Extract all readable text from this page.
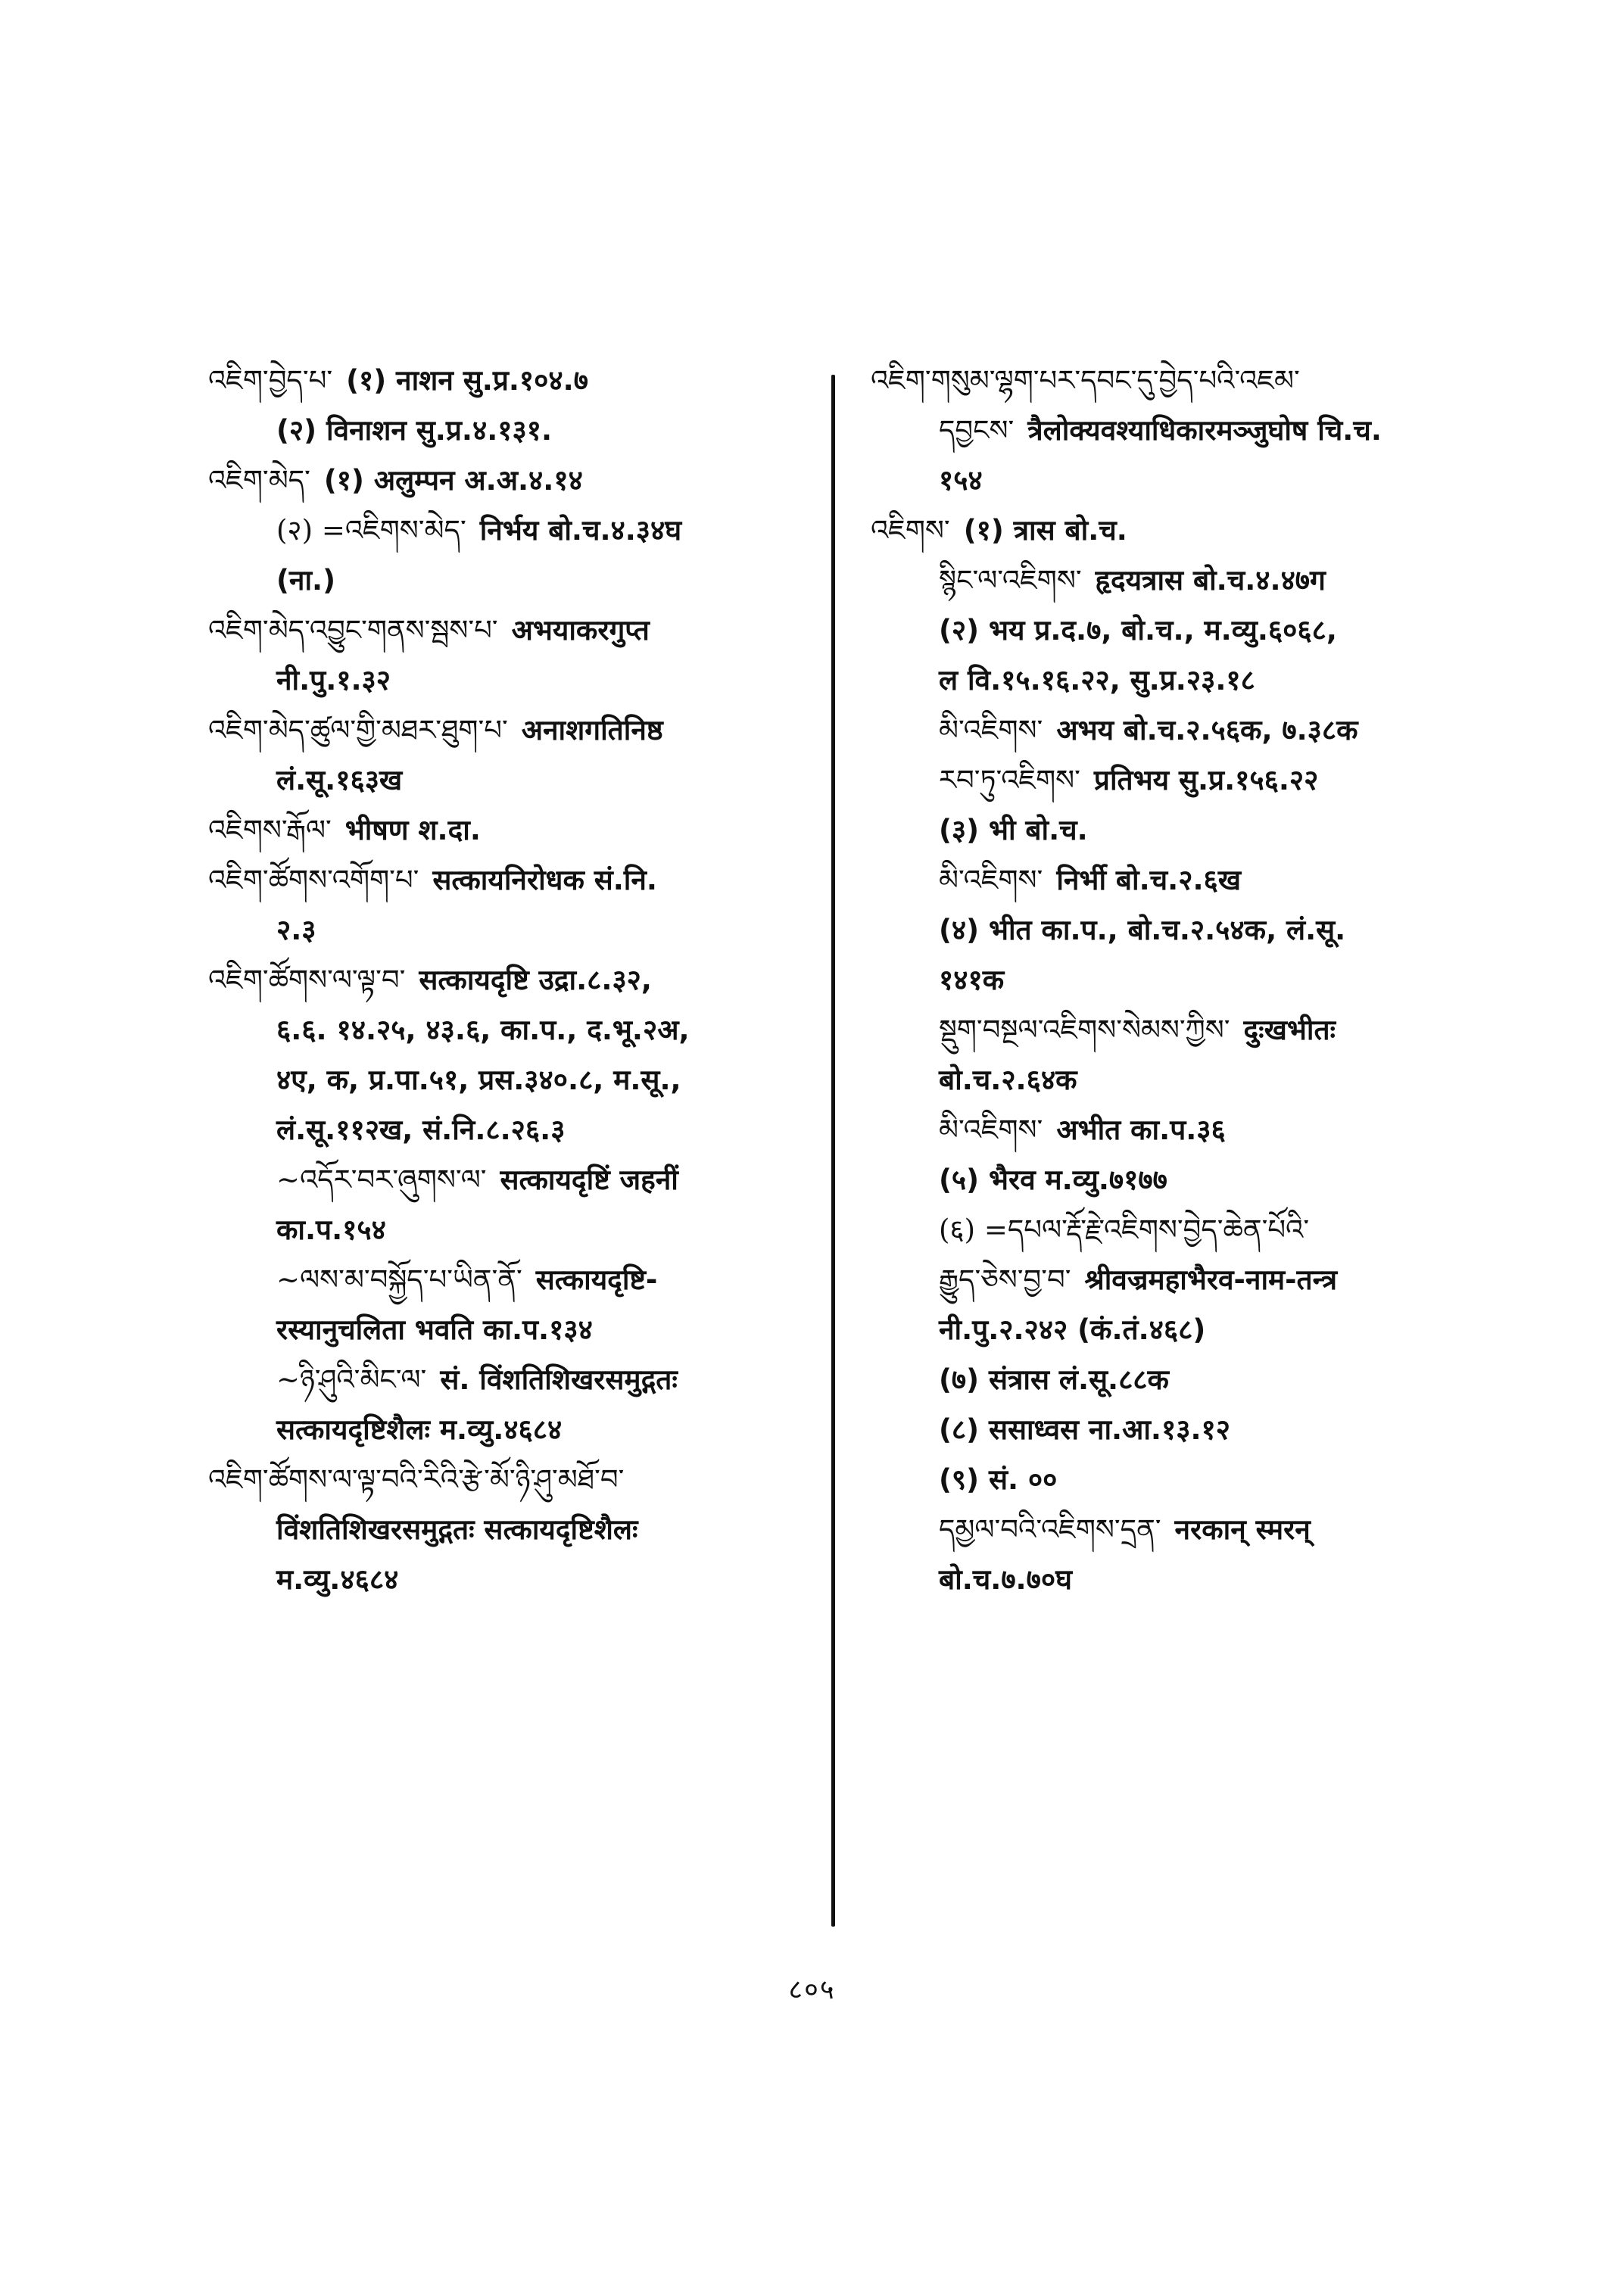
འཇིག་བྱེད་པ་ (१) नाशन सु.प्र.१०४.७
(२) विनाशन सु.प्र.४.१३१.
འཇིག་མེད་ (१) अलुम्पन अ.अ.४.१४
(२) =འཇིགས་མེད་ निर्भय बो.च.४.३४घ
(ना.)
འཇིག་མེད་འབྱུང་གནས་སྦས་པ་ अभयाकरगुप्त
नी.पु.१.३२
འཇིག་མེད་ཚུལ་གྱི་མཐར་ཐུག་པ་ अनाशगतिनिष्ठ
लं.सू.१६३ख
འཇིགས་རྒོལ་ भीषण श.दा.
འཇིག་ཚོགས་འགོག་པ་ सत्कायनिरोधक सं.नि.
२.३
འཇིག་ཚོགས་ལ་ལྟ་བ་ सत्कायदृष्टि उद्रा.८.३२,
६.६. १४.२५, ४३.६, का.प., द.भू.२अ,
४ए, क, प्र.पा.५१, प्रस.३४०.८, म.सू.,
लं.सू.११२ख, सं.नि.८.२६.३
~འདོར་བར་ཞུགས་ལ་ सत्कायदृष्टिं जहनीं
का.प.१५४
~ལས་མ་བསྐྱོད་པ་ཡིན་ནོ་ सत्कायदृष्टि-
रस्यानुचलिता भवति का.प.१३४
~ཉི་ཤུའི་མིང་ལ་ सं. विंशतिशिखरसमुद्गतः
सत्कायदृष्टिशैलः म.व्यु.४६८४
འཇིག་ཚོགས་ལ་ལྟ་བའི་རིའི་རྩེ་མོ་ཉི་ཤུ་མཐོ་བ་
विंशतिशिखरसमुद्गतः सत्कायदृष्टिशैलः
म.व्यु.४६८४
འཇིག་གསུམ་ལྷག་པར་དབང་དུ་བྱེད་པའི་འཇམ་
དབྱངས་ त्रैलोक्यवश्याधिकारमञ्जुघोष चि.च.
१५४
འཇིགས་ (१) त्रास बो.च.
སྙིང་ལ་འཇིགས་ हृदयत्रास बो.च.४.४७ग
(२) भय प्र.द.७, बो.च., म.व्यु.६०६८,
ल वि.१५.१६.२२, सु.प्र.२३.१८
མི་འཇིགས་ अभय बो.च.२.५६क, ७.३८क
རབ་ཏུ་འཇིགས་ प्रतिभय सु.प्र.१५६.२२
(३) भी बो.च.
མི་འཇིགས་ निर्भी बो.च.२.६ख
(४) भीत का.प., बो.च.२.५४क, लं.सू.
१४१क
སྡུག་བསྔལ་འཇིགས་སེམས་ཀྱིས་ दुःखभीतः
बो.च.२.६४क
མི་འཇིགས་ अभीत का.प.३६
(५) भैरव म.व्यु.७१७७
(६) =དཔལ་རྡོ་རྗེ་འཇིགས་བྱེད་ཆེན་པོའི་
རྒྱུད་ཅེས་བྱ་བ་ श्रीवज्रमहाभैरव-नाम-तन्त्र
नी.पु.२.२४२ (कं.तं.४६८)
(७) संत्रास लं.सू.८८क
(८) ससाध्वस ना.आ.१३.१२
(९) सं. ००
དམྱལ་བའི་འཇིགས་དྲན་ नरकान् स्मरन्
बो.च.७.७०घ
८०५
